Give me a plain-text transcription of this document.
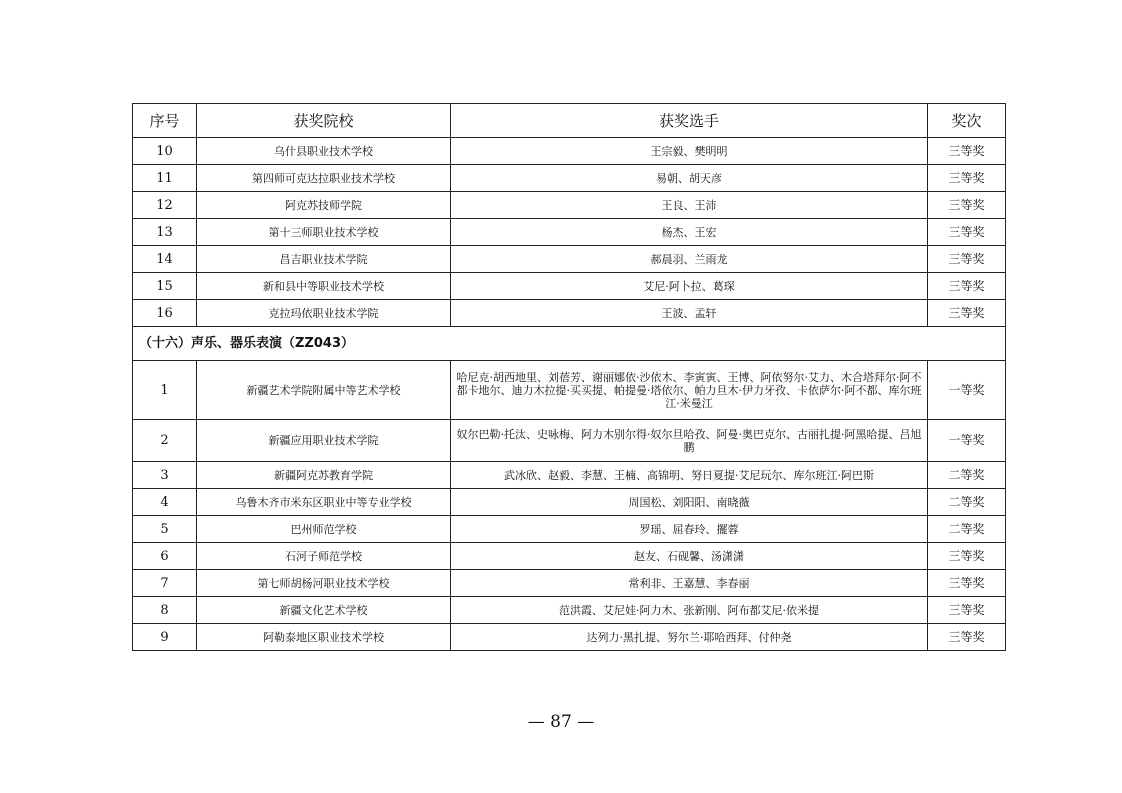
序号	获奖院校	获奖选手	奖次
10	乌什县职业技术学校	王宗毅、樊明明	三等奖
11	第四师可克达拉职业技术学校	易朝、胡天彦	三等奖
12	阿克苏技师学院	王良、王沛	三等奖
13	第十三师职业技术学校	杨杰、王宏	三等奖
14	昌吉职业技术学院	郝晨羽、兰雨龙	三等奖
15	新和县中等职业技术学校	艾尼·阿卜拉、葛琛	三等奖
16	克拉玛依职业技术学院	王波、孟轩	三等奖
（十六）声乐、器乐表演（ZZ043）			
1	新疆艺术学院附属中等艺术学校	哈尼克·胡西地里、刘蓓芳、谢丽娜依·沙依木、李寅寅、王博、阿依努尔·艾力、木合塔拜尔·阿不都卡地尔、迪力木拉提·买买提、帕提曼·塔依尔、帕力旦木·伊力牙孜、卡依萨尔·阿不都、库尔班江·米曼江	一等奖
2	新疆应用职业技术学院	奴尔巴勒·托汰、史咏梅、阿力木别尔得·奴尔旦哈孜、阿曼·奥巴克尔、古丽扎提·阿黑哈提、吕旭鹏	一等奖
3	新疆阿克苏教育学院	武冰欣、赵毅、李慧、王楠、高锦明、努日夏提·艾尼玩尔、库尔班江·阿巴斯	二等奖
4	乌鲁木齐市米东区职业中等专业学校	周国松、刘阳阳、南晓薇	二等奖
5	巴州师范学校	罗瑶、屈春玲、擺蓉	二等奖
6	石河子师范学校	赵友、石砚馨、汤潇潇	三等奖
7	第七师胡杨河职业技术学校	常利非、王嘉慧、李春丽	三等奖
8	新疆文化艺术学校	范洪霞、艾尼娃·阿力木、张新刚、阿布都艾尼·依米提	三等奖
9	阿勒泰地区职业技术学校	达列力·黑扎提、努尔兰·耶哈西拜、付仲尧	三等奖
— 87 —
